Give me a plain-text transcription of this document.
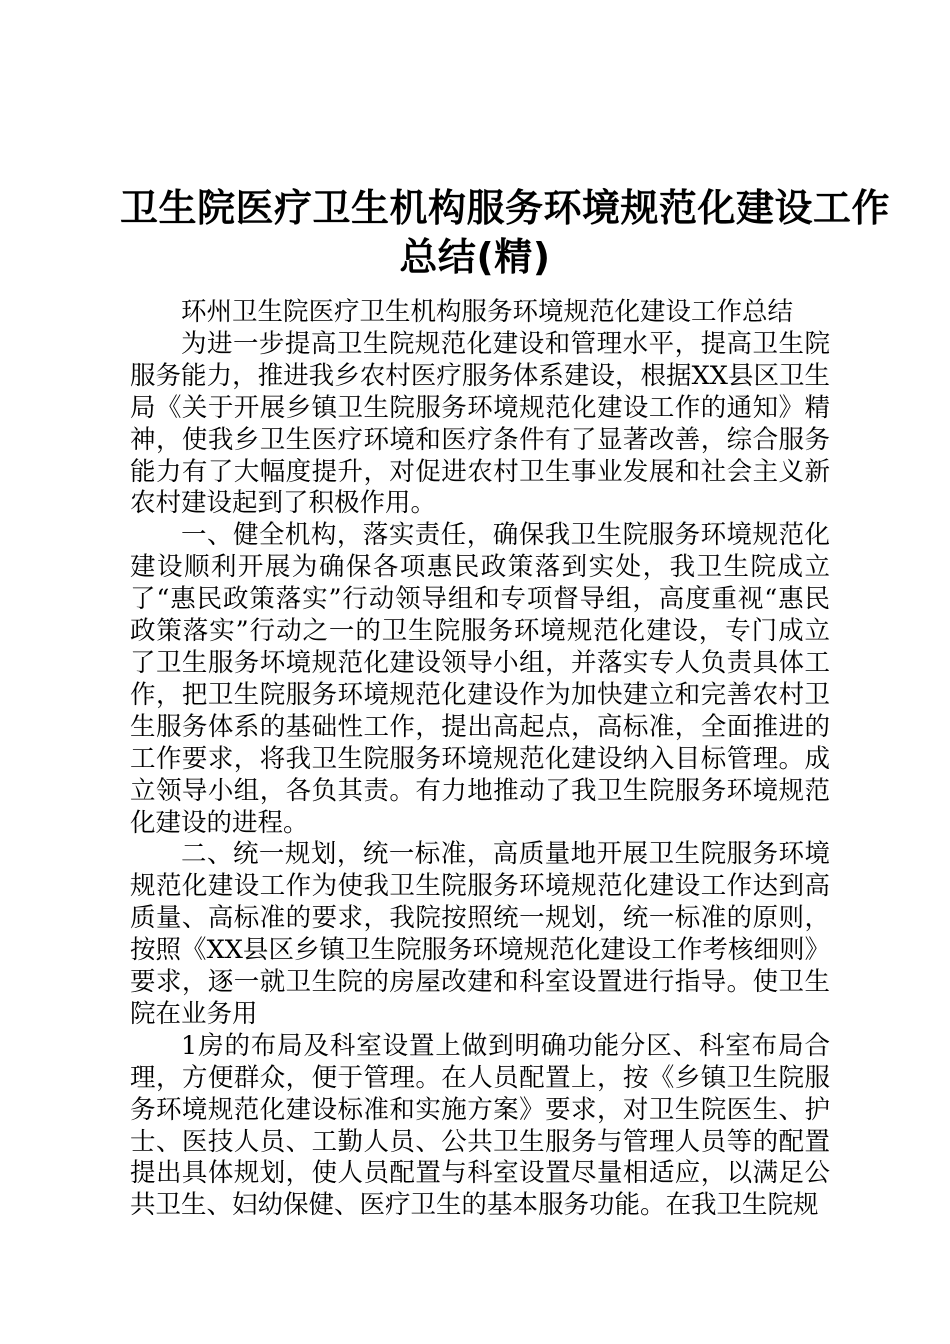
卫生院医疗卫生机构服务环境规范化建设工作
总结(精)

环州卫生院医疗卫生机构服务环境规范化建设工作总结

为进一步提高卫生院规范化建设和管理水平，提高卫生院服务能力，推进我乡农村医疗服务体系建设，根据XX县区卫生局《关于开展乡镇卫生院服务环境规范化建设工作的通知》精神，使我乡卫生医疗环境和医疗条件有了显著改善，综合服务能力有了大幅度提升，对促进农村卫生事业发展和社会主义新农村建设起到了积极作用。

一、健全机构，落实责任，确保我卫生院服务环境规范化建设顺利开展为确保各项惠民政策落到实处，我卫生院成立了“惠民政策落实”行动领导组和专项督导组，高度重视“惠民政策落实”行动之一的卫生院服务环境规范化建设，专门成立了卫生服务坏境规范化建设领导小组，并落实专人负责具体工作，把卫生院服务环境规范化建设作为加快建立和完善农村卫生服务体系的基础性工作，提出高起点，高标准，全面推进的工作要求，将我卫生院服务环境规范化建设纳入目标管理。成立领导小组，各负其责。有力地推动了我卫生院服务环境规范化建设的进程。

二、统一规划，统一标准，高质量地开展卫生院服务环境规范化建设工作为使我卫生院服务环境规范化建设工作达到高质量、高标准的要求，我院按照统一规划，统一标准的原则，按照《XX县区乡镇卫生院服务环境规范化建设工作考核细则》要求，逐一就卫生院的房屋改建和科室设置进行指导。使卫生院在业务用

1房的布局及科室设置上做到明确功能分区、科室布局合理，方便群众，便于管理。在人员配置上，按《乡镇卫生院服务环境规范化建设标准和实施方案》要求，对卫生院医生、护士、医技人员、工勤人员、公共卫生服务与管理人员等的配置提出具体规划，使人员配置与科室设置尽量相适应，以满足公共卫生、妇幼保健、医疗卫生的基本服务功能。在我卫生院规
